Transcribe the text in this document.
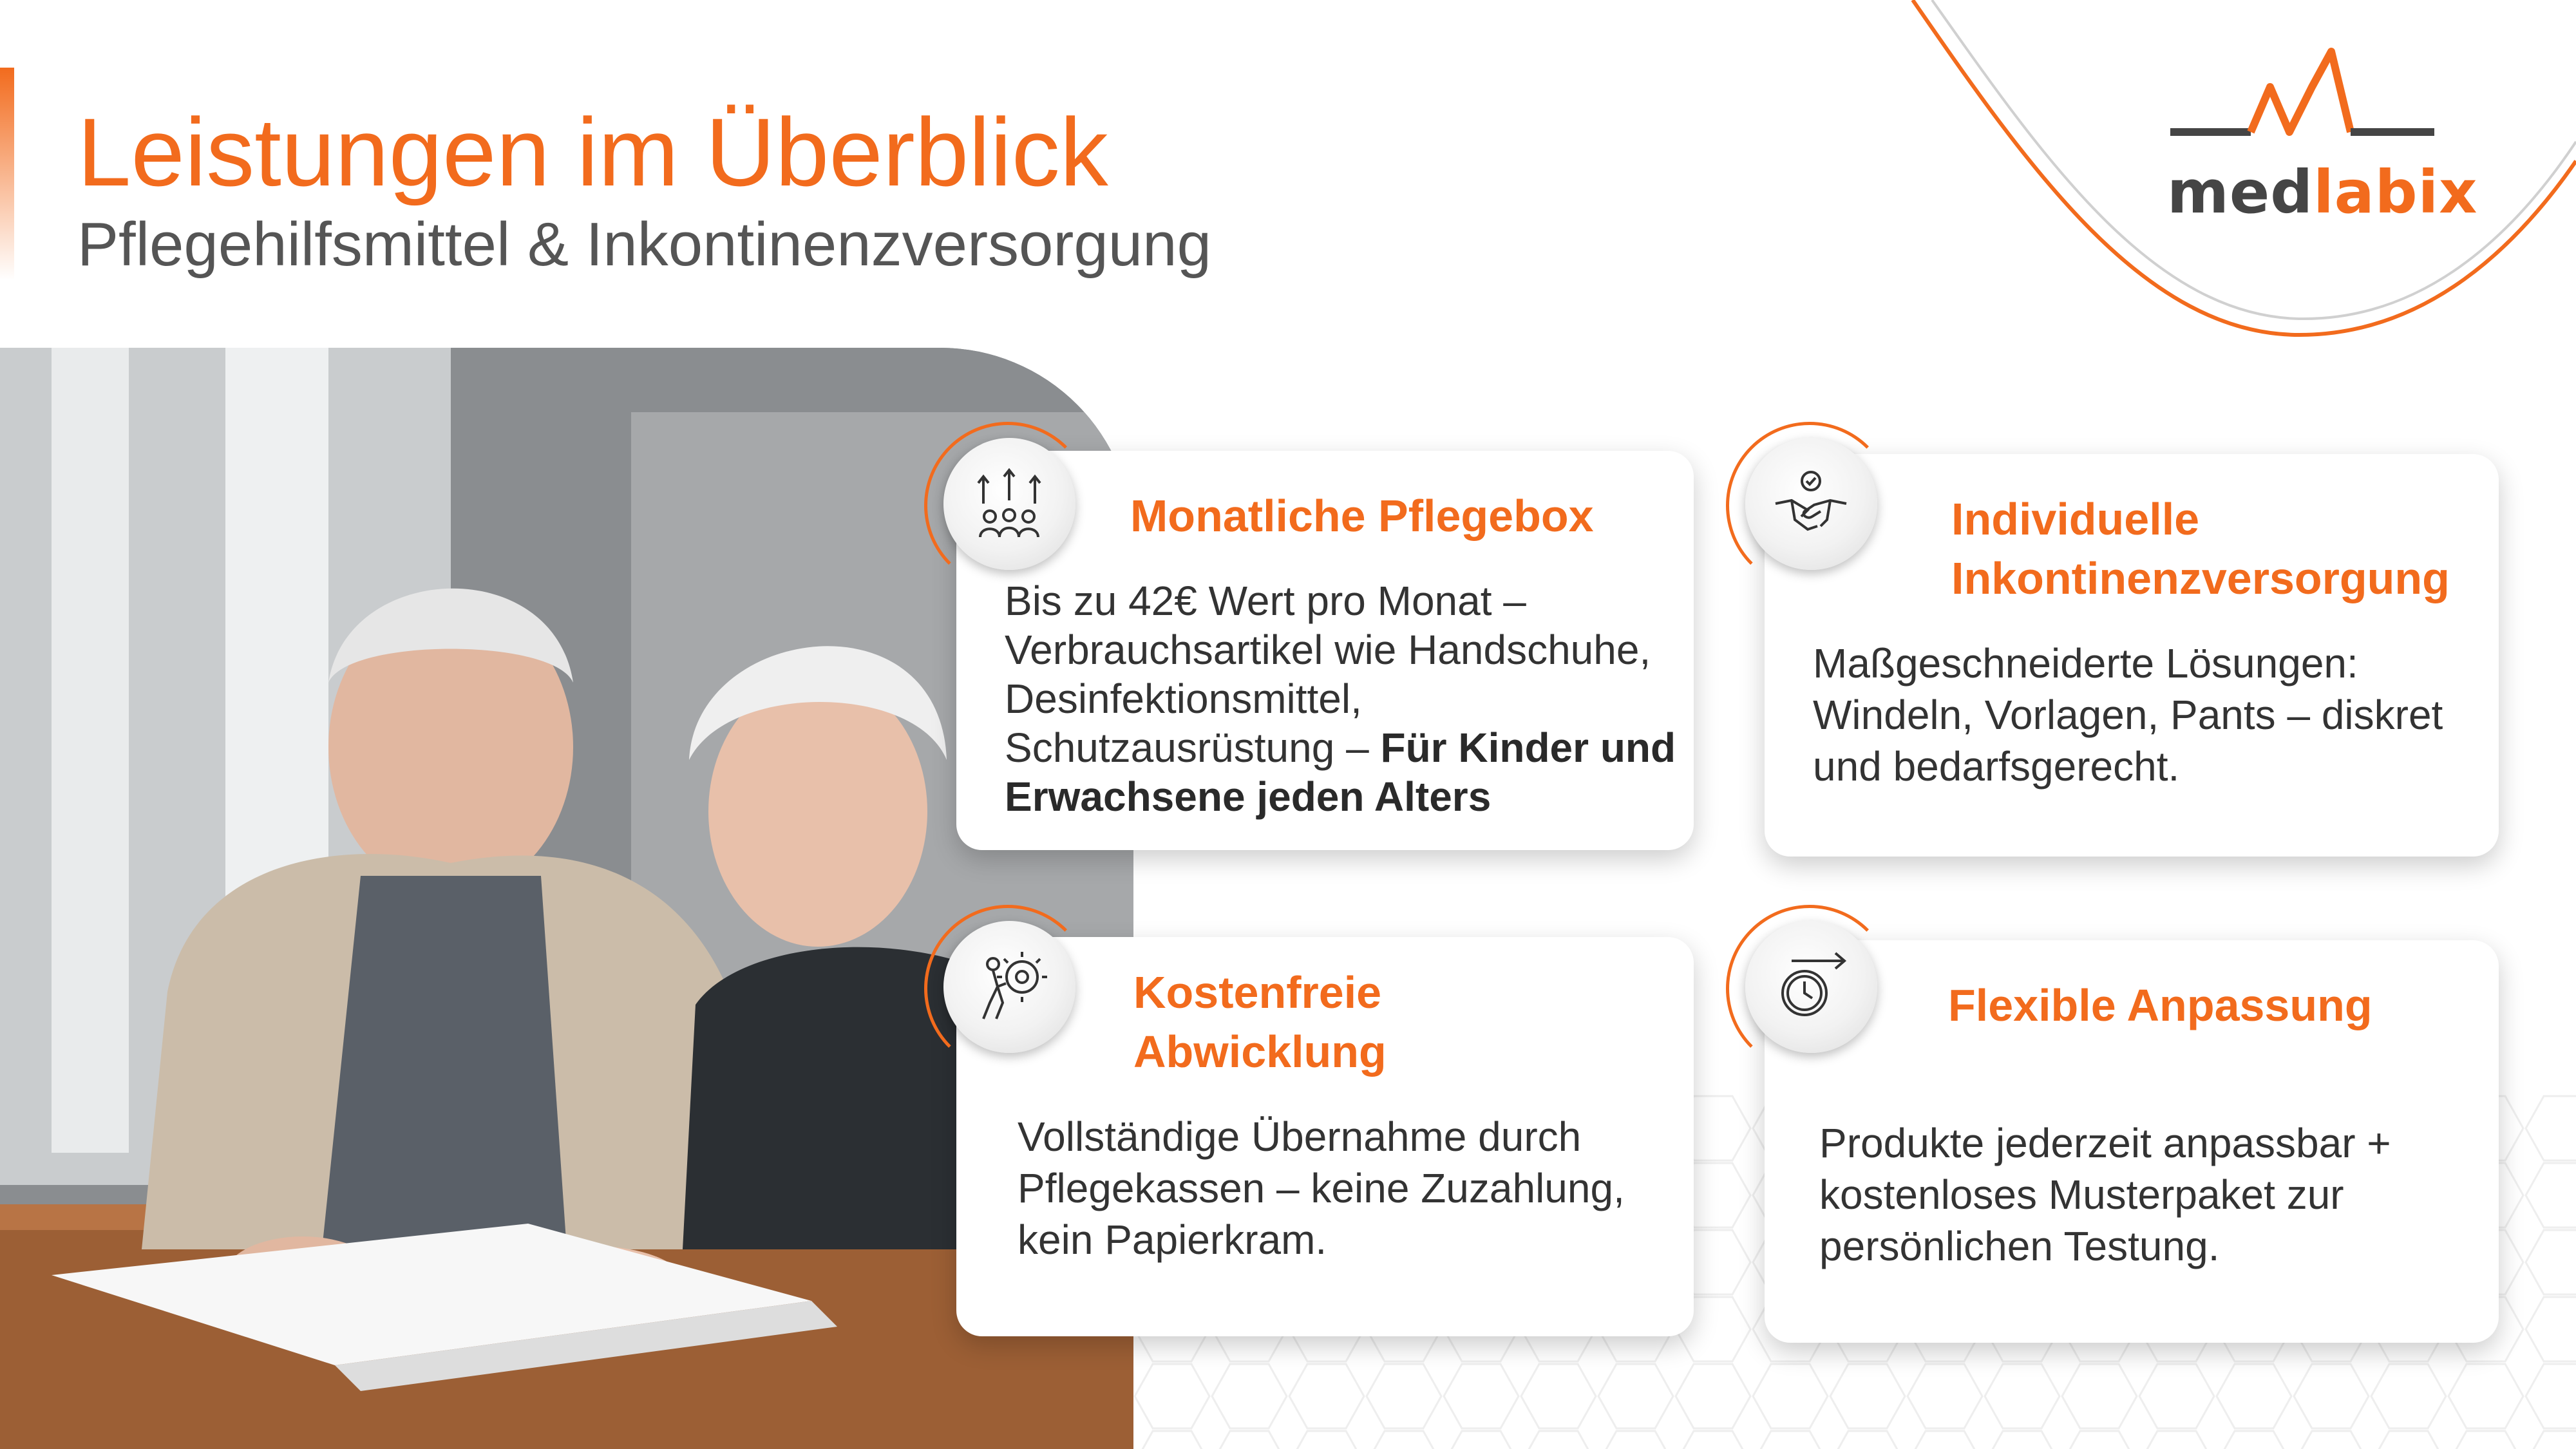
Leistungen im Überblick
Pflegehilfsmittel & Inkontinenzversorgung
medlabix
Monatliche Pflegebox
Bis zu 42€ Wert pro Monat –
Verbrauchsartikel wie Handschuhe,
Desinfektionsmittel,
Schutzausrüstung – Für Kinder und
Erwachsene jeden Alters
Individuelle
Inkontinenzversorgung
Maßgeschneiderte Lösungen:
Windeln, Vorlagen, Pants – diskret
und bedarfsgerecht.
Kostenfreie
Abwicklung
Vollständige Übernahme durch
Pflegekassen – keine Zuzahlung,
kein Papierkram.
Flexible Anpassung
Produkte jederzeit anpassbar +
kostenloses Musterpaket zur
persönlichen Testung.
